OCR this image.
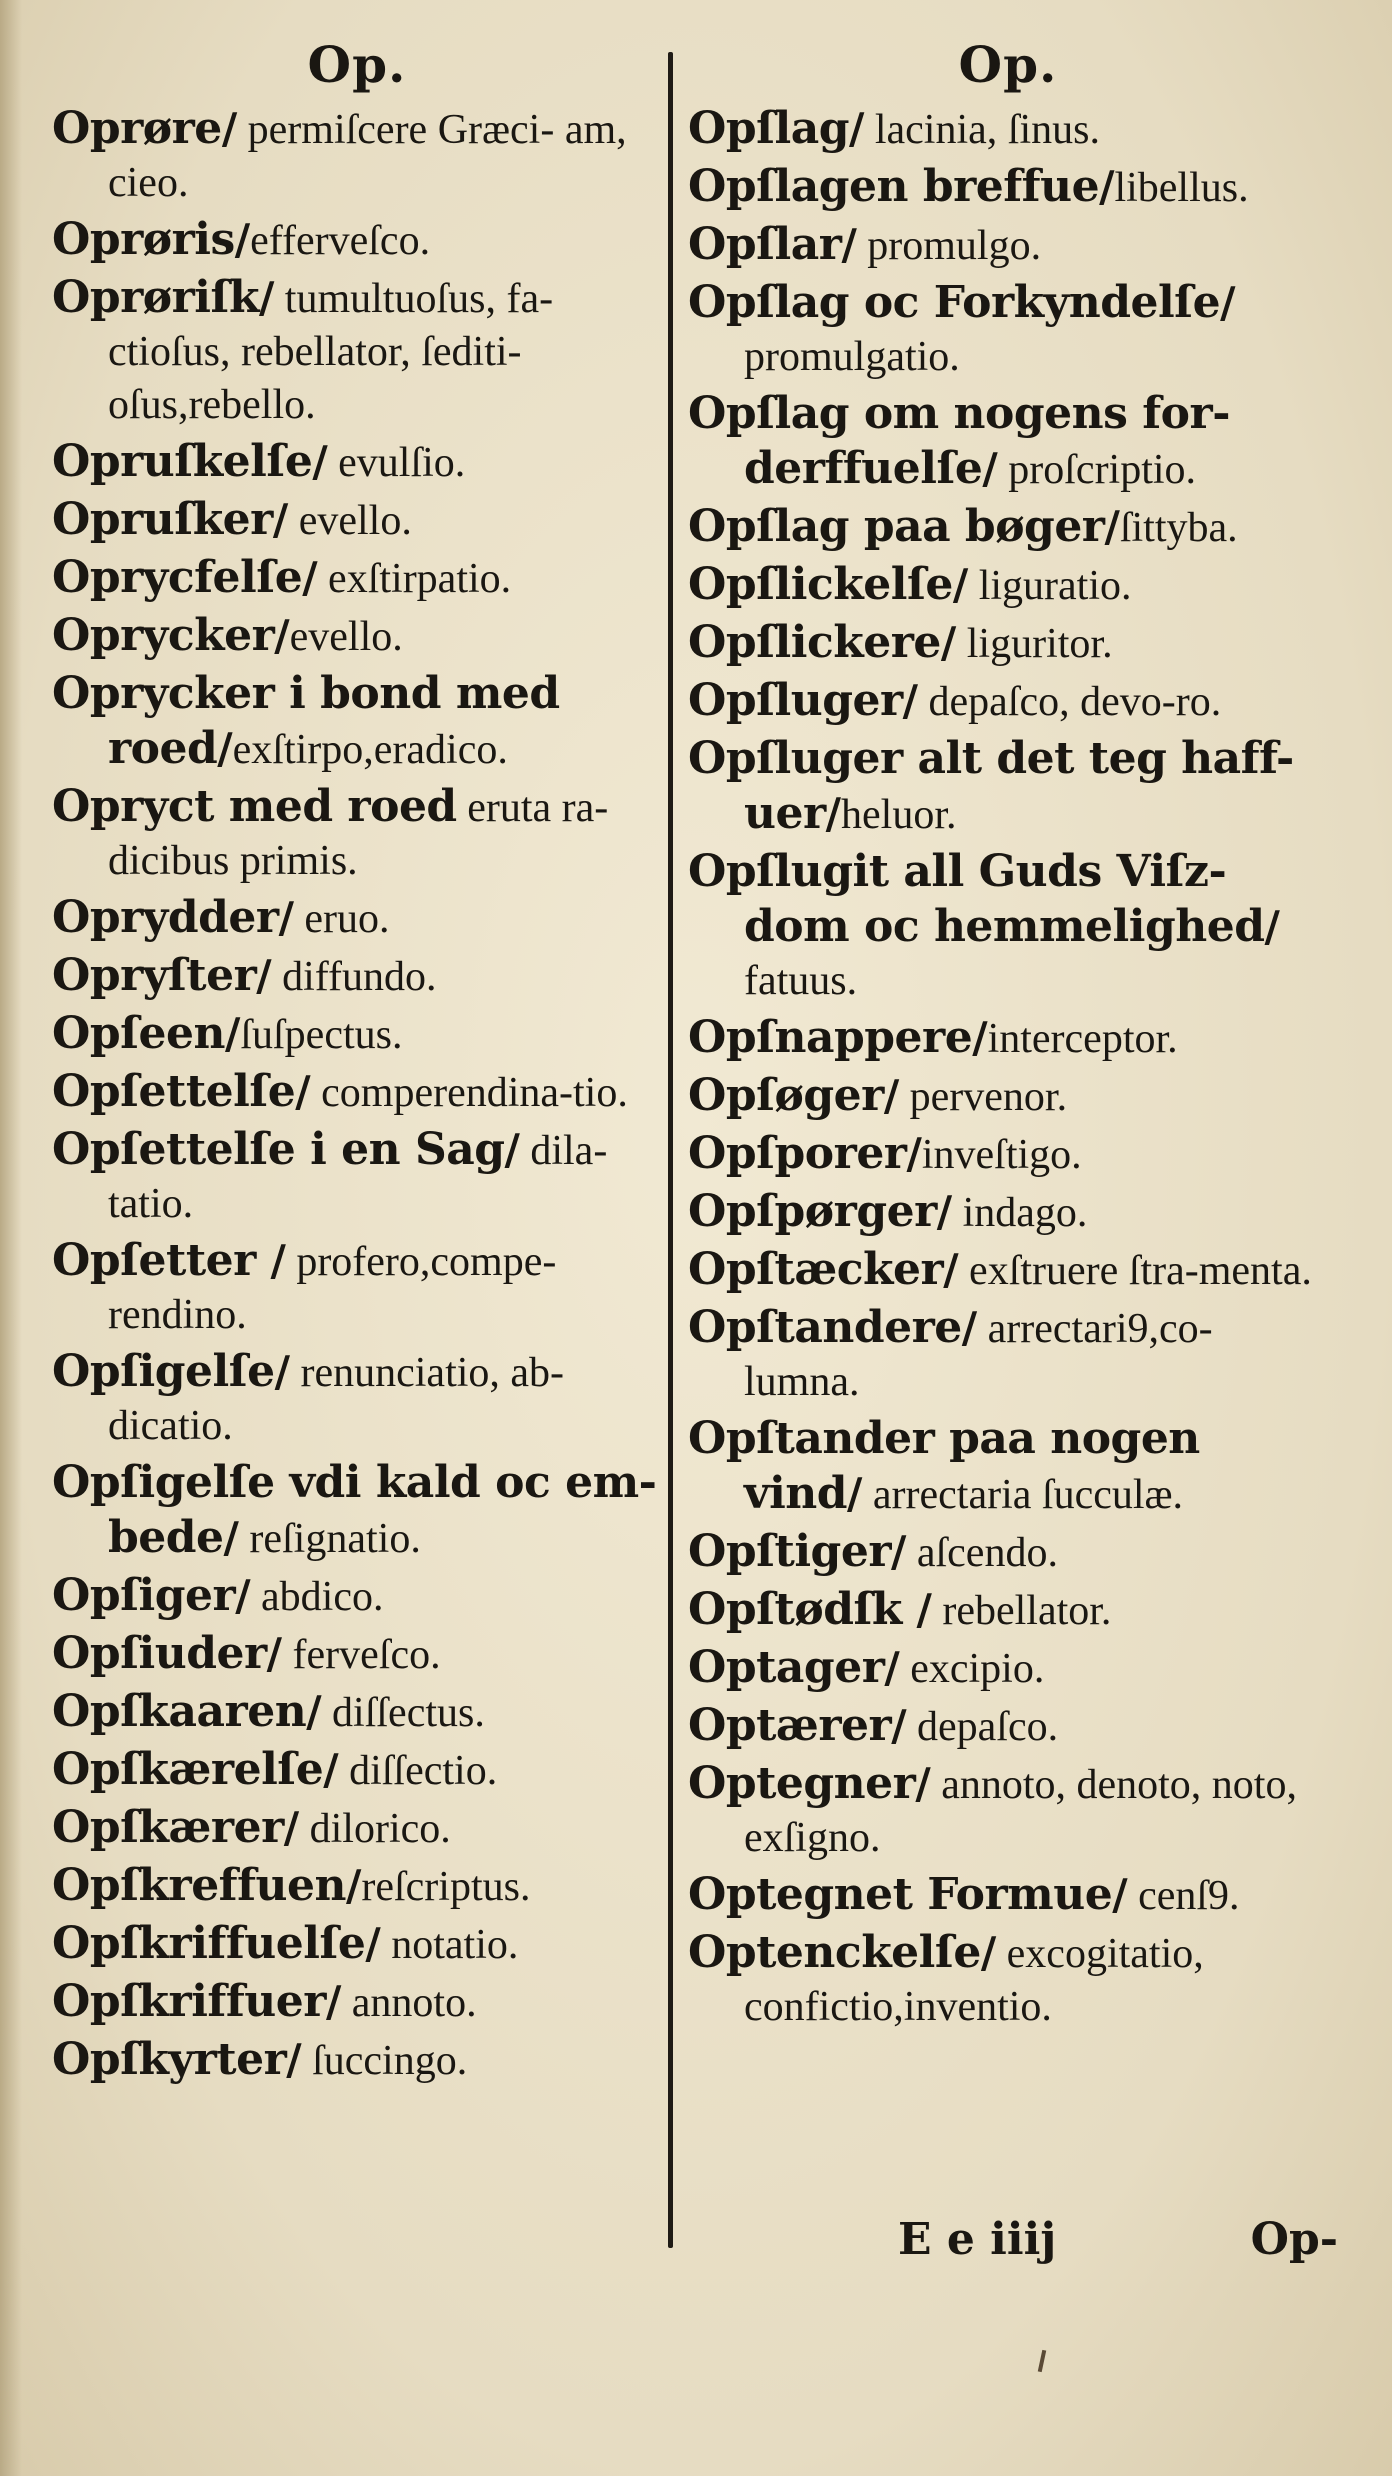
Op.
Oprøre/ permiſcere Græci- am, cieo.
Oprøris/efferveſco.
Oprøriſk/ tumultuoſus, fa-ctioſus, rebellator, ſediti-oſus,rebello.
Opruſkelſe/ evulſio.
Opruſker/ evello.
Oprycfelſe/ exſtirpatio.
Oprycker/evello.
Oprycker i bond med roed/exſtirpo,eradico.
Opryct med roed eruta ra-dicibus primis.
Oprydder/ eruo.
Opryſter/ diffundo.
Opſeen/ſuſpectus.
Opſettelſe/ comperendina-tio.
Opſettelſe i en Sag/ dila-tatio.
Opſetter / profero,compe-rendino.
Opſigelſe/ renunciatio, ab-dicatio.
Opſigelſe vdi kald oc em-bede/ reſignatio.
Opſiger/ abdico.
Opſiuder/ ferveſco.
Opſkaaren/ diſſectus.
Opſkærelſe/ diſſectio.
Opſkærer/ dilorico.
Opſkreffuen/reſcriptus.
Opſkriffuelſe/ notatio.
Opſkriffuer/ annoto.
Opſkyrter/ ſuccingo.
Op.
Opſlag/ lacinia, ſinus.
Opſlagen breffue/libellus.
Opſlar/ promulgo.
Opſlag oc Forkyndelſe/ promulgatio.
Opſlag om nogens for-derffuelſe/ proſcriptio.
Opſlag paa bøger/ſittyba.
Opſlickelſe/ liguratio.
Opſlickere/ liguritor.
Opſluger/ depaſco, devo-ro.
Opſluger alt det teg haff-uer/heluor.
Opſlugit all Guds Viſz-dom oc hemmelighed/ fatuus.
Opſnappere/interceptor.
Opſøger/ pervenor.
Opſporer/inveſtigo.
Opſpørger/ indago.
Opſtæcker/ exſtruere ſtra-menta.
Opſtandere/ arrectari9,co-lumna.
Opſtander paa nogen vind/ arrectaria ſucculæ.
Opſtiger/ aſcendo.
Opſtødſk / rebellator.
Optager/ excipio.
Optærer/ depaſco.
Optegner/ annoto, denoto, noto, exſigno.
Optegnet Formue/ cenſ9.
Optenckelſe/ excogitatio, confictio,inventio.
E e iiij	Op-
